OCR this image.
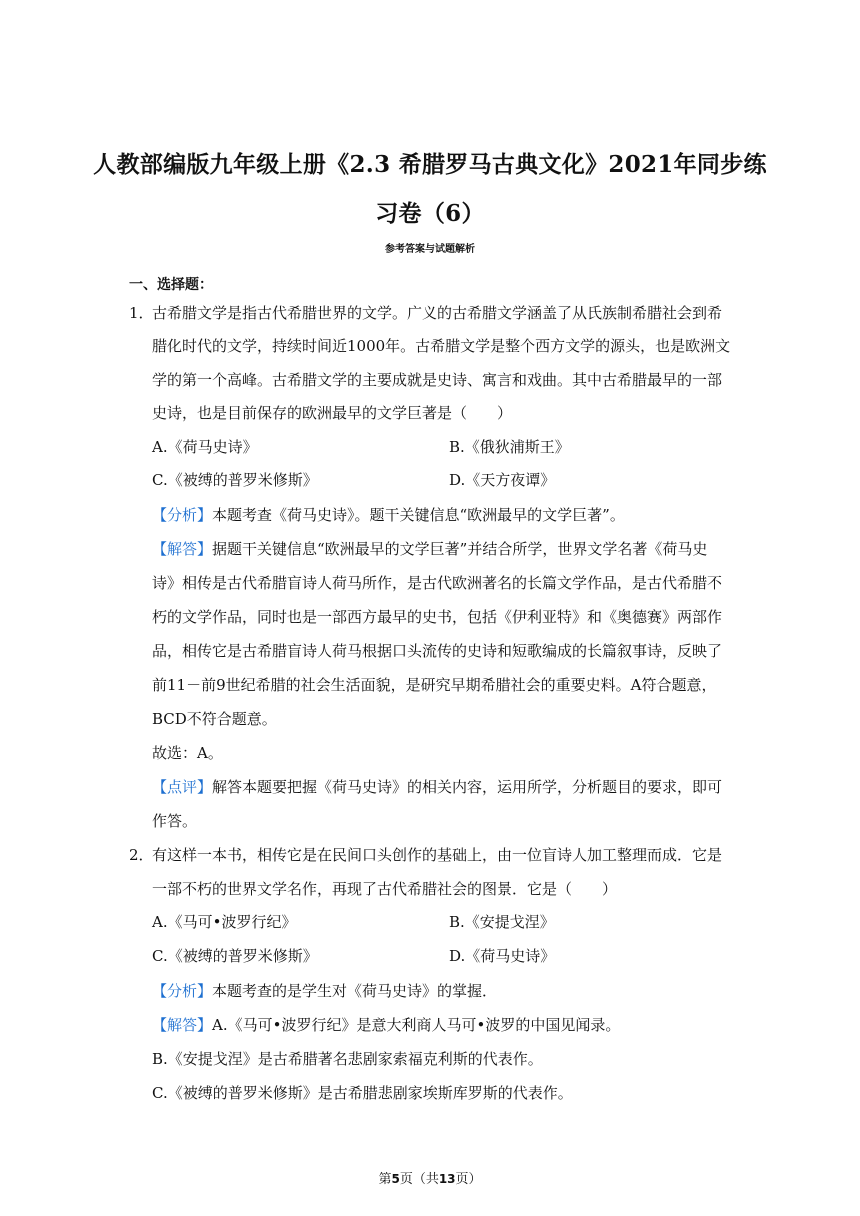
人教部编版九年级上册《2.3 希腊罗马古典文化》2021年同步练
习卷（6）
参考答案与试题解析
一、选择题：
1．
古希腊文学是指古代希腊世界的文学。广义的古希腊文学涵盖了从氏族制希腊社会到希
腊化时代的文学，持续时间近1000年。古希腊文学是整个西方文学的源头，也是欧洲文
学的第一个高峰。古希腊文学的主要成就是史诗、寓言和戏曲。其中古希腊最早的一部
史诗，也是目前保存的欧洲最早的文学巨著是（　　）
A.《荷马史诗》	B.《俄狄浦斯王》
C.《被缚的普罗米修斯》	D.《天方夜谭》
【分析】本题考查《荷马史诗》。题干关键信息“欧洲最早的文学巨著”。
【解答】据题干关键信息“欧洲最早的文学巨著”并结合所学，世界文学名著《荷马史
诗》相传是古代希腊盲诗人荷马所作，是古代欧洲著名的长篇文学作品，是古代希腊不
朽的文学作品，同时也是一部西方最早的史书，包括《伊利亚特》和《奥德赛》两部作
品，相传它是古希腊盲诗人荷马根据口头流传的史诗和短歌编成的长篇叙事诗，反映了
前11－前9世纪希腊的社会生活面貌，是研究早期希腊社会的重要史料。A符合题意，
BCD不符合题意。
故选：A。
【点评】解答本题要把握《荷马史诗》的相关内容，运用所学，分析题目的要求，即可
作答。
2．
有这样一本书，相传它是在民间口头创作的基础上，由一位盲诗人加工整理而成．它是
一部不朽的世界文学名作，再现了古代希腊社会的图景．它是（　　）
A.《马可•波罗行纪》	B.《安提戈涅》
C.《被缚的普罗米修斯》	D.《荷马史诗》
【分析】本题考查的是学生对《荷马史诗》的掌握．
【解答】A.《马可•波罗行纪》是意大利商人马可•波罗的中国见闻录。
B.《安提戈涅》是古希腊著名悲剧家索福克利斯的代表作。
C.《被缚的普罗米修斯》是古希腊悲剧家埃斯库罗斯的代表作。
第5页（共13页）
